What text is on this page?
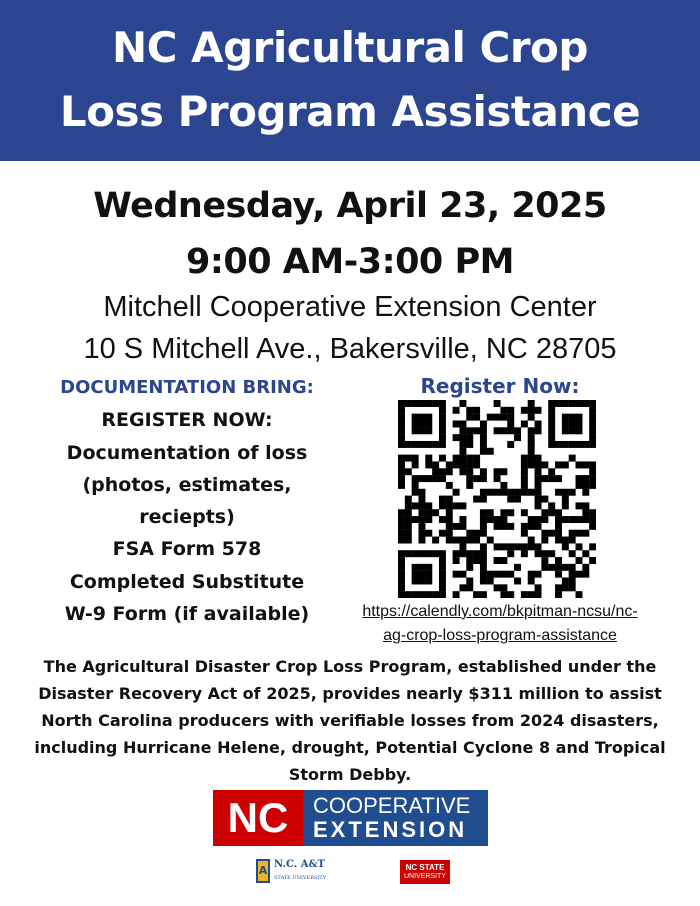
NC Agricultural Crop
Loss Program Assistance
Wednesday, April 23, 2025
9:00 AM-3:00 PM
Mitchell Cooperative Extension Center
10 S Mitchell Ave., Bakersville, NC 28705
DOCUMENTATION BRING:
REGISTER NOW:
Documentation of loss
(photos, estimates,
reciepts)
FSA Form 578
Completed Substitute
W-9 Form (if available)
Register Now:
https://calendly.com/bkpitman-ncsu/nc-
ag-crop-loss-program-assistance
The Agricultural Disaster Crop Loss Program, established under the Disaster Recovery Act of 2025, provides nearly $311 million to assist North Carolina producers with verifiable losses from 2024 disasters, including Hurricane Helene, drought, Potential Cyclone 8 and Tropical Storm Debby.
NC	COOPERATIVE
EXTENSION
A N.C. A&T
STATE UNIVERSITY
NC STATE
UNIVERSITY
